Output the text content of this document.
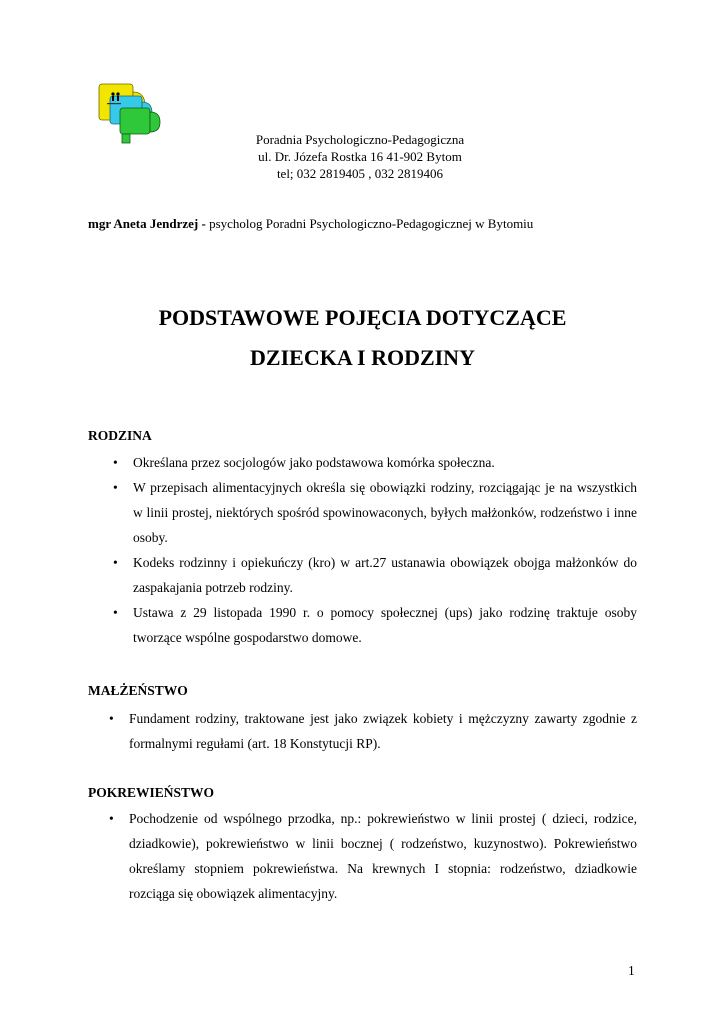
Poradnia Psychologiczno-Pedagogiczna
ul. Dr. Józefa Rostka 16 41-902 Bytom
tel; 032 2819405 , 032 2819406
mgr Aneta Jendrzej - psycholog Poradni Psychologiczno-Pedagogicznej w Bytomiu
PODSTAWOWE POJĘCIA DOTYCZĄCE
DZIECKA I RODZINY
RODZINA
• Określana przez socjologów jako podstawowa komórka społeczna.
• W przepisach alimentacyjnych określa się obowiązki rodziny, rozciągając je na wszystkich w linii prostej, niektórych spośród spowinowaconych, byłych małżonków, rodzeństwo i inne osoby.
• Kodeks rodzinny i opiekuńczy (kro) w art.27 ustanawia obowiązek obojga małżonków do zaspakajania potrzeb rodziny.
• Ustawa z 29 listopada 1990 r. o pomocy społecznej (ups) jako rodzinę traktuje osoby tworzące wspólne gospodarstwo domowe.
MAŁŻEŃSTWO
• Fundament rodziny, traktowane jest jako związek kobiety i mężczyzny zawarty zgodnie z formalnymi regułami (art. 18 Konstytucji RP).
POKREWIEŃSTWO
• Pochodzenie od wspólnego przodka, np.: pokrewieństwo w linii prostej ( dzieci, rodzice, dziadkowie), pokrewieństwo w linii bocznej ( rodzeństwo, kuzynostwo). Pokrewieństwo określamy stopniem pokrewieństwa. Na krewnych I stopnia: rodzeństwo, dziadkowie rozciąga się obowiązek alimentacyjny.
1
